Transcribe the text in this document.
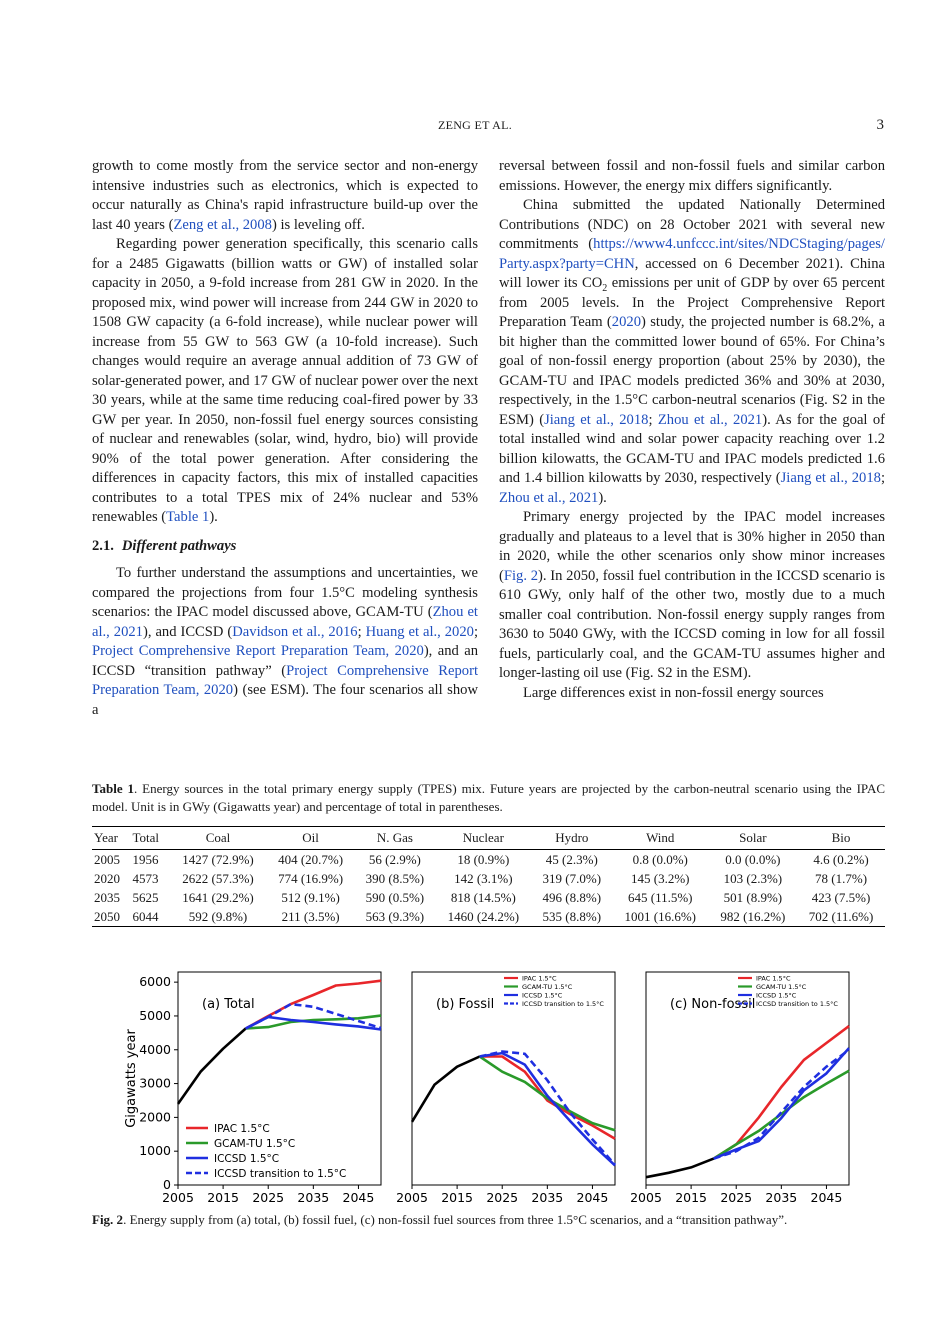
ZENG ET AL.	3

growth to come mostly from the service sector and non-energy intensive industries such as electronics, which is expected to occur naturally as China's rapid infrastructure build-up over the last 40 years (Zeng et al., 2008) is leveling off.

Regarding power generation specifically, this scenario calls for a 2485 Gigawatts (billion watts or GW) of installed solar capacity in 2050, a 9-fold increase from 281 GW in 2020. In the proposed mix, wind power will increase from 244 GW in 2020 to 1508 GW capacity (a 6-fold increase), while nuclear power will increase from 55 GW to 563 GW (a 10-fold increase). Such changes would require an average annual addition of 73 GW of solar-generated power, and 17 GW of nuclear power over the next 30 years, while at the same time reducing coal-fired power by 33 GW per year. In 2050, non-fossil fuel energy sources consisting of nuclear and renewables (solar, wind, hydro, bio) will provide 90% of the total power generation. After considering the differences in capacity factors, this mix of installed capacities contributes to a total TPES mix of 24% nuclear and 53% renewables (Table 1).

2.1. Different pathways

To further understand the assumptions and uncertainties, we compared the projections from four 1.5°C modeling synthesis scenarios: the IPAC model discussed above, GCAM-TU (Zhou et al., 2021), and ICCSD (Davidson et al., 2016; Huang et al., 2020; Project Comprehensive Report Preparation Team, 2020), and an ICCSD “transition pathway” (Project Comprehensive Report Preparation Team, 2020) (see ESM). The four scenarios all show a

reversal between fossil and non-fossil fuels and similar carbon emissions. However, the energy mix differs significantly.

China submitted the updated Nationally Determined Contributions (NDC) on 28 October 2021 with several new commitments (https://www4.unfccc.int/sites/NDCStaging/pages/Party.aspx?party=CHN, accessed on 6 December 2021). China will lower its $CO_2$ emissions per unit of GDP by over 65 percent from 2005 levels. In the Project Comprehensive Report Preparation Team (2020) study, the projected number is 68.2%, a bit higher than the committed lower bound of 65%. For China’s goal of non-fossil energy proportion (about 25% by 2030), the GCAM-TU and IPAC models predicted 36% and 30% at 2030, respectively, in the 1.5°C carbon-neutral scenarios (Fig. S2 in the ESM) (Jiang et al., 2018; Zhou et al., 2021). As for the goal of total installed wind and solar power capacity reaching over 1.2 billion kilowatts, the GCAM-TU and IPAC models predicted 1.6 and 1.4 billion kilowatts by 2030, respectively (Jiang et al., 2018; Zhou et al., 2021).

Primary energy projected by the IPAC model increases gradually and plateaus to a level that is 30% higher in 2050 than in 2020, while the other scenarios only show minor increases (Fig. 2). In 2050, fossil fuel contribution in the ICCSD scenario is 610 GWy, only half of the other two, mostly due to a much smaller coal contribution. Non-fossil energy supply ranges from 3630 to 5040 GWy, with the ICCSD coming in low for all fossil fuels, particularly coal, and the GCAM-TU assumes higher and longer-lasting oil use (Fig. S2 in the ESM).

Large differences exist in non-fossil energy sources

Table 1. Energy sources in the total primary energy supply (TPES) mix. Future years are projected by the carbon-neutral scenario using the IPAC model. Unit is in GWy (Gigawatts year) and percentage of total in parentheses.
Year	Total	Coal	Oil	N. Gas	Nuclear	Hydro	Wind	Solar	Bio
2005	1956	1427 (72.9%)	404 (20.7%)	56 (2.9%)	18 (0.9%)	45 (2.3%)	0.8 (0.0%)	0.0 (0.0%)	4.6 (0.2%)
2020	4573	2622 (57.3%)	774 (16.9%)	390 (8.5%)	142 (3.1%)	319 (7.0%)	145 (3.2%)	103 (2.3%)	78 (1.7%)
2035	5625	1641 (29.2%)	512 (9.1%)	590 (0.5%)	818 (14.5%)	496 (8.8%)	645 (11.5%)	501 (8.9%)	423 (7.5%)
2050	6044	592 (9.8%)	211 (3.5%)	563 (9.3%)	1460 (24.2%)	535 (8.8%)	1001 (16.6%)	982 (16.2%)	702 (11.6%)
2005 2015 2025 2035 2045
0
1000
2000
3000
4000
5000
6000
Gigawatts year
(a) Total
IPAC 1.5°C
GCAM-TU 1.5°C
ICCSD 1.5°C
ICCSD transition to 1.5°C
2005 2015 2025 2035 2045
(b) Fossil
IPAC 1.5°C
GCAM-TU 1.5°C
ICCSD 1.5°C
ICCSD transition to 1.5°C
2005 2015 2025 2035 2045
(c) Non-fossil
IPAC 1.5°C
GCAM-TU 1.5°C
ICCSD 1.5°C
ICCSD transition to 1.5°C
Fig. 2. Energy supply from (a) total, (b) fossil fuel, (c) non-fossil fuel sources from three 1.5°C scenarios, and a “transition pathway”.
